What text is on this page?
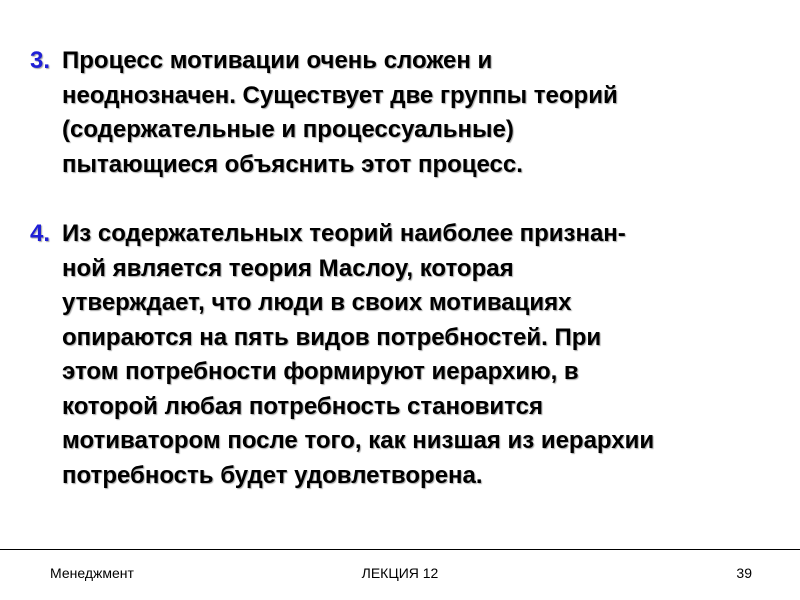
3. Процесс мотивации очень сложен и
неоднозначен. Существует две группы теорий
(содержательные и процессуальные)
пытающиеся объяснить этот процесс.
4. Из содержательных теорий наиболее признан-
ной является теория Маслоу, которая
утверждает, что люди в своих мотивациях
опираются на пять видов потребностей. При
этом потребности формируют иерархию, в
которой любая потребность становится
мотиватором после того, как низшая из иерархии
потребность будет удовлетворена.
Менеджмент	ЛЕКЦИЯ 12	39
